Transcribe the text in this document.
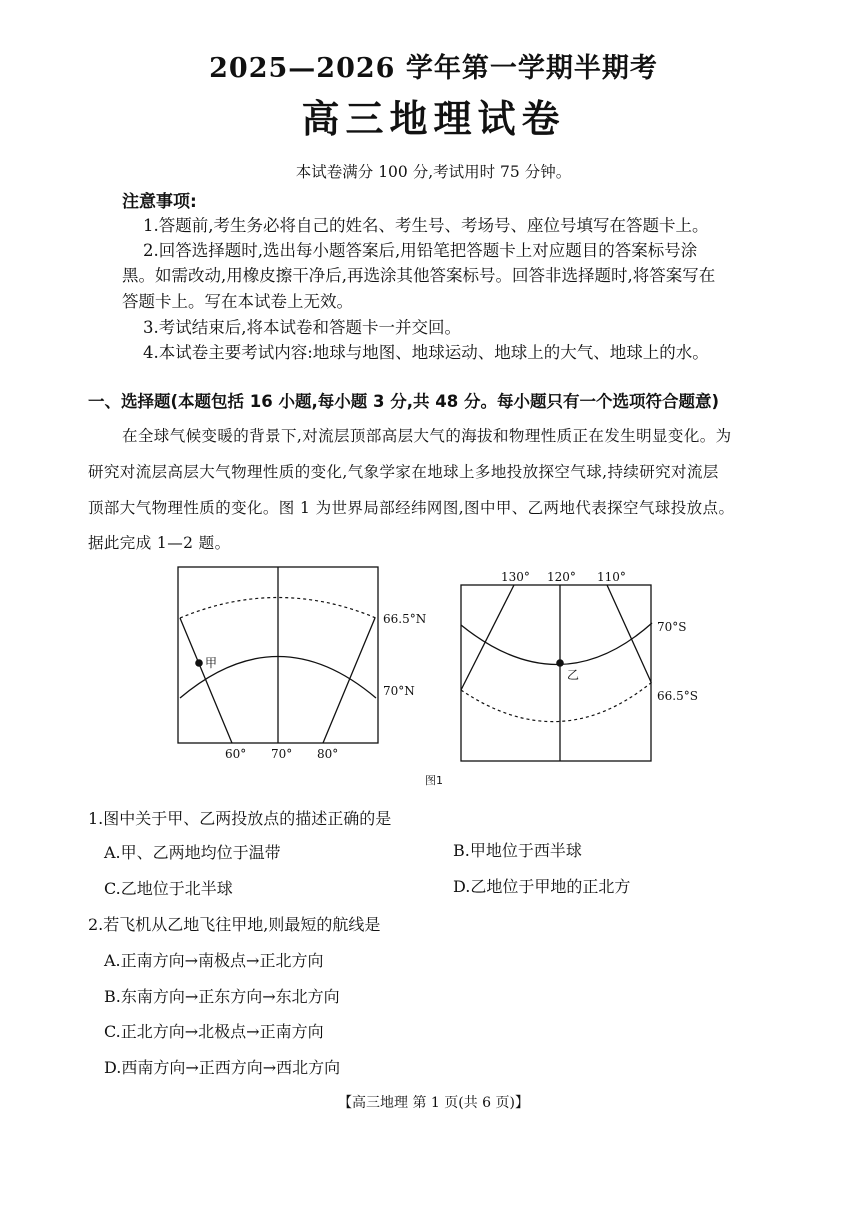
2025—2026 学年第一学期半期考
高三地理试卷
本试卷满分 100 分,考试用时 75 分钟。
注意事项:
1.答题前,考生务必将自己的姓名、考生号、考场号、座位号填写在答题卡上。
2.回答选择题时,选出每小题答案后,用铅笔把答题卡上对应题目的答案标号涂
黑。如需改动,用橡皮擦干净后,再选涂其他答案标号。回答非选择题时,将答案写在
答题卡上。写在本试卷上无效。
3.考试结束后,将本试卷和答题卡一并交回。
4.本试卷主要考试内容:地球与地图、地球运动、地球上的大气、地球上的水。
一、选择题(本题包括 16 小题,每小题 3 分,共 48 分。每小题只有一个选项符合题意)
在全球气候变暖的背景下,对流层顶部高层大气的海拔和物理性质正在发生明显变化。为
研究对流层高层大气物理性质的变化,气象学家在地球上多地投放探空气球,持续研究对流层
顶部大气物理性质的变化。图 1 为世界局部经纬网图,图中甲、乙两地代表探空气球投放点。
据此完成 1—2 题。
甲
66.5°N
70°N
60° 70° 80°
乙
130° 120° 110°
70°S
66.5°S
图1
1.图中关于甲、乙两投放点的描述正确的是
A.甲、乙两地均位于温带	B.甲地位于西半球
C.乙地位于北半球	D.乙地位于甲地的正北方
2.若飞机从乙地飞往甲地,则最短的航线是
A.正南方向→南极点→正北方向
B.东南方向→正东方向→东北方向
C.正北方向→北极点→正南方向
D.西南方向→正西方向→西北方向
【高三地理 第 1 页(共 6 页)】
